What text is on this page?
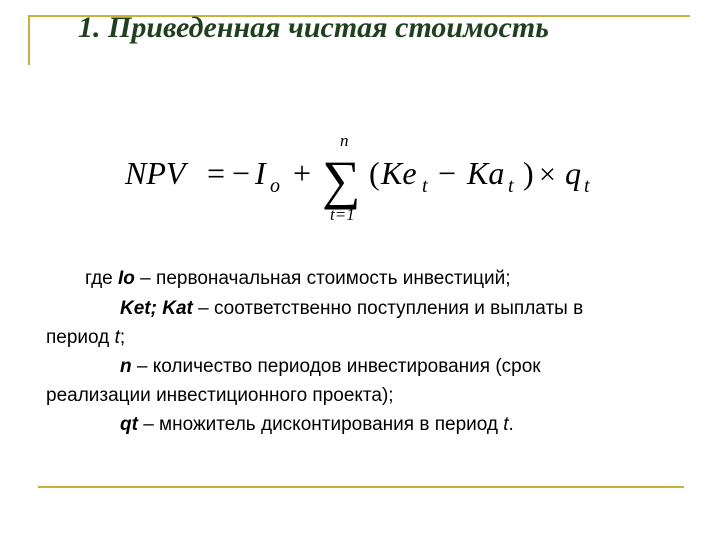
1. Приведенная чистая стоимость
NPV = − I o +
n
∑
t=1
( Ke t − Ka t ) × q t
где Io – первоначальная стоимость инвестиций;
Ket; Kat – соответственно поступления и выплаты в
период t;
n – количество периодов инвестирования (срок
реализации инвестиционного проекта);
qt – множитель дисконтирования в период t.
